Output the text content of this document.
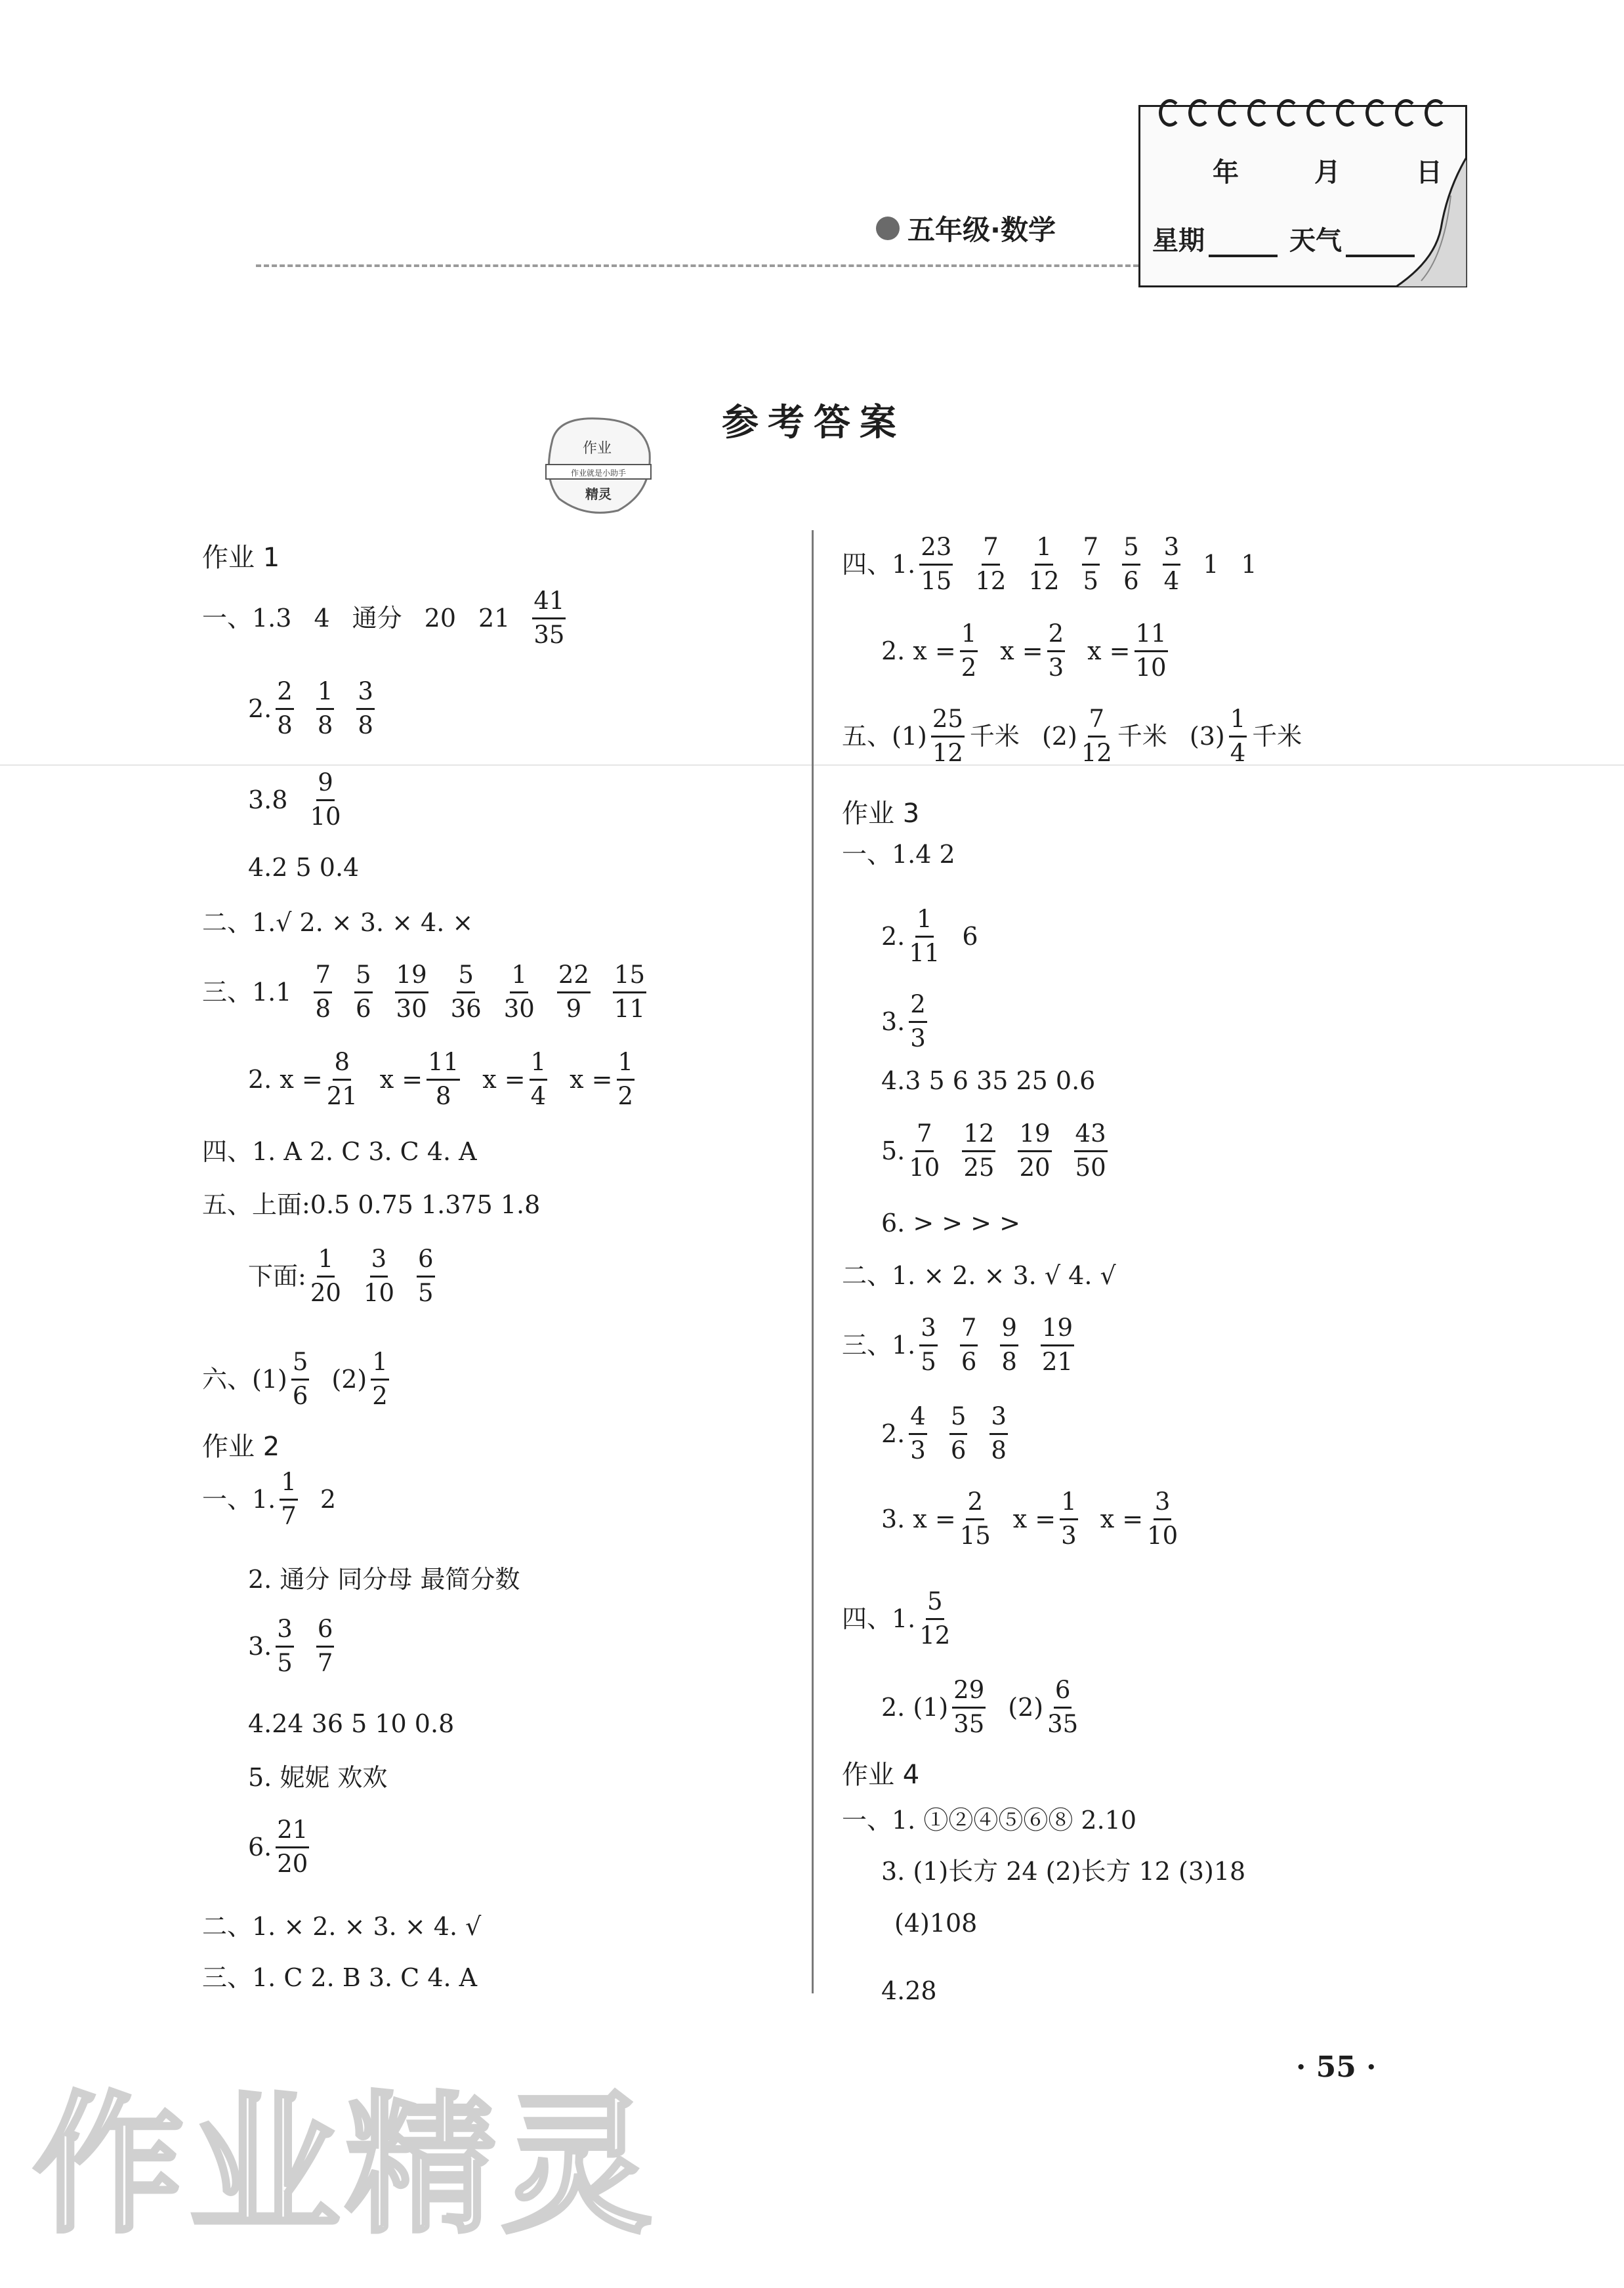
五年级·数学
年	月	日
星期	天气
参考答案
作业
作业就是小助手
精灵
作业 1
一、1.3 4 通分 20 $21 \frac{41}{35}$
2. $\frac{2}{8} \frac{1}{8} \frac{3}{8}$
$3.8 \frac{9}{10}$
4.2 5 0.4
二、1.√ 2. × 3. × 4. ×
三、$1.1 \frac{7}{8} \frac{5}{6} \frac{19}{30} \frac{5}{36} \frac{1}{30} \frac{22}{9} \frac{15}{11}$
2. $x = \frac{8}{21}$ $x = \frac{11}{8}$ $x = \frac{1}{4}$ $x = \frac{1}{2}$
四、1. A 2. C 3. C 4. A
五、上面:0.5 0.75 1.375 1.8
下面: $\frac{1}{20} \frac{3}{10} \frac{6}{5}$
六、$(1) \frac{5}{6} (2) \frac{1}{2}$
作业 2
一、1. $\frac{1}{7} 2$
2. 通分 同分母 最简分数
3. $\frac{3}{5} \frac{6}{7}$
4.24 36 5 10 0.8
5. 妮妮 欢欢
6. $\frac{21}{20}$
二、1. × 2. × 3. × 4. √
三、1. C 2. B 3. C 4. A
四、1. $\frac{23}{15} \frac{7}{12} \frac{1}{12} \frac{7}{5} \frac{5}{6} \frac{3}{4} 1$ 1
2. $x = \frac{1}{2}$ $x = \frac{2}{3}$ $x = \frac{11}{10}$
五、$(1) \frac{25}{12}$ 千米 $(2) \frac{7}{12}$ 千米 $(3) \frac{1}{4}$ 千米
作业 3
一、1.4 2
2. $\frac{1}{11} 6$
3. $\frac{2}{3}$
4.3 5 6 35 25 0.6
5. $\frac{7}{10} \frac{12}{25} \frac{19}{20} \frac{43}{50}$
6. > > > >
二、1. × 2. × 3. √ 4. √
三、1. $\frac{3}{5} \frac{7}{6} \frac{9}{8} \frac{19}{21}$
2. $\frac{4}{3} \frac{5}{6} \frac{3}{8}$
3. $x = \frac{2}{15}$ $x = \frac{1}{3}$ $x = \frac{3}{10}$
四、1. $\frac{5}{12}$
2. $(1) \frac{29}{35} (2) \frac{6}{35}$
作业 4
一、1. ①②④⑤⑥⑧ 2.10
3. (1)长方 24 (2)长方 12 (3)18
(4)108
4.28
· 55 ·
作业精灵
